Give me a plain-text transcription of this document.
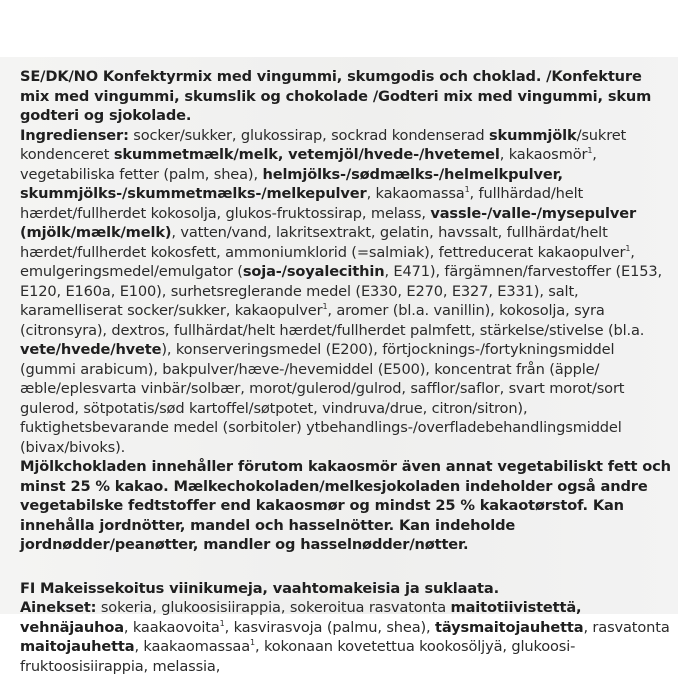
SE/DK/NO Konfektyrmix med vingummi, skumgodis och choklad. /Konfekture mix med vingummi, skumslik og chokolade /Godteri mix med vingummi, skum godteri og sjokolade.

Ingredienser: socker/sukker, glukossirap, sockrad kondenserad skummjölk/sukret kondenceret skummetmælk/melk, vetemjöl/hvede-/hvetemel, kakaosmör$^1$, vegetabiliska fetter (palm, shea), helmjölks-/sødmælks-/helmelkpulver, skummjölks-/skummetmælks-/melkepulver, kakaomassa$^1$, fullhärdad/helt hærdet/fullherdet kokosolja, glukos-fruktossirap, melass, vassle-/valle-/mysepulver (mjölk/mælk/melk), vatten/vand, lakritsextrakt, gelatin, havssalt, fullhärdat/helt hærdet/fullherdet kokosfett, ammoniumklorid (=salmiak), fettreducerat kakaopulver$^1$, emulgeringsmedel/emulgator (soja-/soyalecithin, E471), färgämnen/farvestoffer (E153, E120, E160a, E100), surhetsreglerande medel (E330, E270, E327, E331), salt, karamelliserat socker/sukker, kakaopulver$^1$, aromer (bl.a. vanillin), kokosolja, syra (citronsyra), dextros, fullhärdat/helt hærdet/fullherdet palmfett, stärkelse/stivelse (bl.a. vete/hvede/hvete), konserveringsmedel (E200), förtjocknings-/fortykningsmiddel (gummi arabicum), bakpulver/hæve-/hevemiddel (E500), koncentrat från (äpple/æble/eplesvarta vinbär/solbær, morot/gulerod/gulrod, safflor/saflor, svart morot/sort gulerod, sötpotatis/sød kartoffel/søtpotet, vindruva/drue, citron/sitron), fuktighetsbevarande medel (sorbitoler) ytbehandlings-/overfladebehandlingsmiddel (bivax/bivoks).

Mjölkchokladen innehåller förutom kakaosmör även annat vegetabiliskt fett och minst 25 % kakao. Mælkechokoladen/melkesjokoladen indeholder også andre vegetabilske fedtstoffer end kakaosmør og mindst 25 % kakaotørstof. Kan innehålla jordnötter, mandel och hasselnötter. Kan indeholde jordnødder/peanøtter, mandler og hasselnødder/nøtter.

FI Makeissekoitus viinikumeja, vaahtomakeisia ja suklaata.

Ainekset: sokeria, glukoosisiirappia, sokeroitua rasvatonta maitotiivistettä, vehnäjauhoa, kaakaovoita$^1$, kasvirasvoja (palmu, shea), täysmaitojauhetta, rasvatonta maitojauhetta, kaakaomassaa$^1$, kokonaan kovetettua kookosöljyä, glukoosi-fruktoosisiirappia, melassia,
